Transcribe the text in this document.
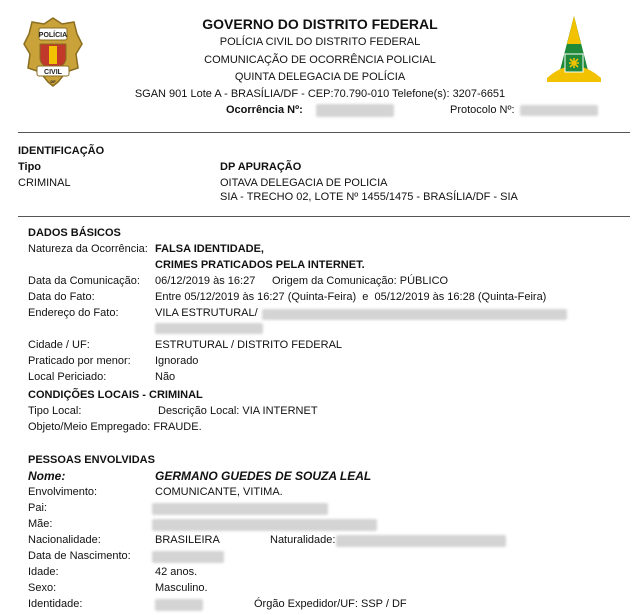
POLÍCIA
CIVIL
DF
GOVERNO DO DISTRITO FEDERAL
POLÍCIA CIVIL DO DISTRITO FEDERAL
COMUNICAÇÃO DE OCORRÊNCIA POLICIAL
QUINTA DELEGACIA DE POLÍCIA
SGAN 901 Lote A - BRASÍLIA/DF - CEP:70.790-010 Telefone(s): 3207-6651
Ocorrência Nº:	Protocolo Nº:
IDENTIFICAÇÃO
Tipo
CRIMINAL
DP APURAÇÃO
OITAVA DELEGACIA DE POLICIA
SIA - TRECHO 02, LOTE Nº 1455/1475 - BRASÍLIA/DF - SIA
DADOS BÁSICOS
Natureza da Ocorrência: FALSA IDENTIDADE,
CRIMES PRATICADOS PELA INTERNET.
Data da Comunicação: 06/12/2019 às 16:27 Origem da Comunicação: PÚBLICO
Data do Fato:	Entre 05/12/2019 às 16:27 (Quinta-Feira)  e  05/12/2019 às 16:28 (Quinta-Feira)
Endereço do Fato:	VILA ESTRUTURAL/
Cidade / UF:	ESTRUTURAL / DISTRITO FEDERAL
Praticado por menor: Ignorado
Local Periciado:	Não
CONDIÇÕES LOCAIS - CRIMINAL
Tipo Local:	Descrição Local: VIA INTERNET
Objeto/Meio Empregado: FRAUDE.
PESSOAS ENVOLVIDAS
Nome:	GERMANO GUEDES DE SOUZA LEAL
Envolvimento:	COMUNICANTE, VITIMA.
Pai:
Mãe:
Nacionalidade:	BRASILEIRA	Naturalidade:
Data de Nascimento:
Idade:	42 anos.
Sexo:	Masculino.
Identidade:	Órgão Expedidor/UF: SSP / DF
